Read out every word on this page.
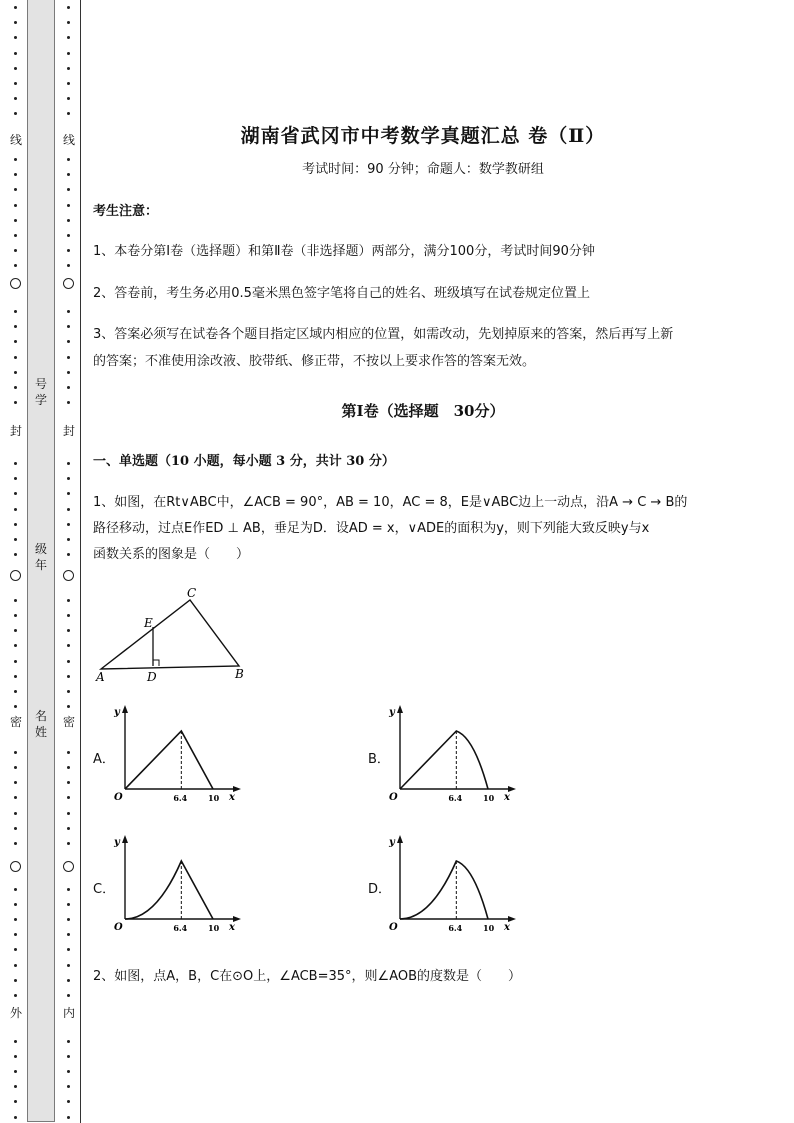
号学
级年
名姓
线
封
密
外
线
封
密
内
湖南省武冈市中考数学真题汇总 卷（Ⅱ）
考试时间：90 分钟；命题人：数学教研组
考生注意：
1、本卷分第Ⅰ卷（选择题）和第Ⅱ卷（非选择题）两部分，满分100分，考试时间90分钟
2、答卷前，考生务必用0.5毫米黑色签字笔将自己的姓名、班级填写在试卷规定位置上
3、答案必须写在试卷各个题目指定区域内相应的位置，如需改动，先划掉原来的答案，然后再写上新
的答案；不准使用涂改液、胶带纸、修正带，不按以上要求作答的答案无效。
第Ⅰ卷（选择题　30分）
一、单选题（10 小题，每小题 3 分，共计 30 分）
1、如图，在Rt∨ABC中，∠ACB = 90°，AB = 10，AC = 8，E是∨ABC边上一动点，沿A → C → B的
路径移动，过点E作ED ⊥ AB，垂足为D．设AD = x，∨ADE的面积为y，则下列能大致反映y与x
函数关系的图象是（　　）
A	B
C
D
E
A．	B．
C．	D．
y
O	6.4	10 x
y
O	6.4	10 x
y
O	6.4	10 x
y
O	6.4	10 x
2、如图，点A，B，C在⊙O上，∠ACB=35°，则∠AOB的度数是（　　）
